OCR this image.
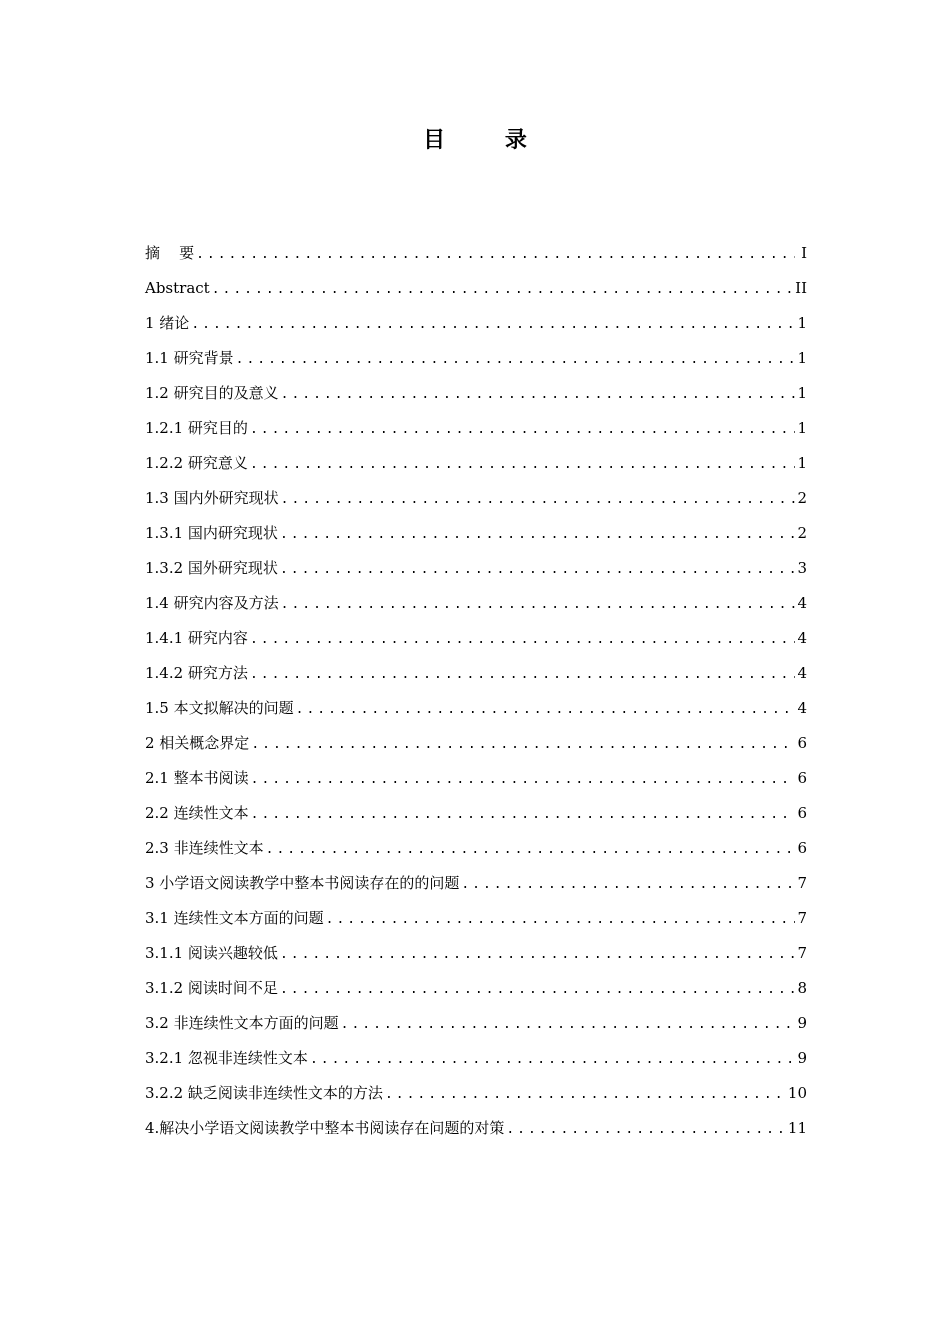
目 录
摘    要 .....	I
Abstract .....	II
1 绪论 .....	1
1.1 研究背景 .....	1
1.2 研究目的及意义 .....	1
1.2.1 研究目的 .....	1
1.2.2 研究意义 .....	1
1.3 国内外研究现状 .....	2
1.3.1 国内研究现状 .....	2
1.3.2 国外研究现状 .....	3
1.4 研究内容及方法 .....	4
1.4.1 研究内容 .....	4
1.4.2 研究方法 .....	4
1.5 本文拟解决的问题 .....	4
2 相关概念界定 .....	6
2.1 整本书阅读 .....	6
2.2 连续性文本 .....	6
2.3 非连续性文本 .....	6
3 小学语文阅读教学中整本书阅读存在的的问题 .....	7
3.1 连续性文本方面的问题 .....	7
3.1.1 阅读兴趣较低 .....	7
3.1.2 阅读时间不足 .....	8
3.2 非连续性文本方面的问题 .....	9
3.2.1 忽视非连续性文本 .....	9
3.2.2 缺乏阅读非连续性文本的方法 .....	10
4.解决小学语文阅读教学中整本书阅读存在问题的对策 .....	11
